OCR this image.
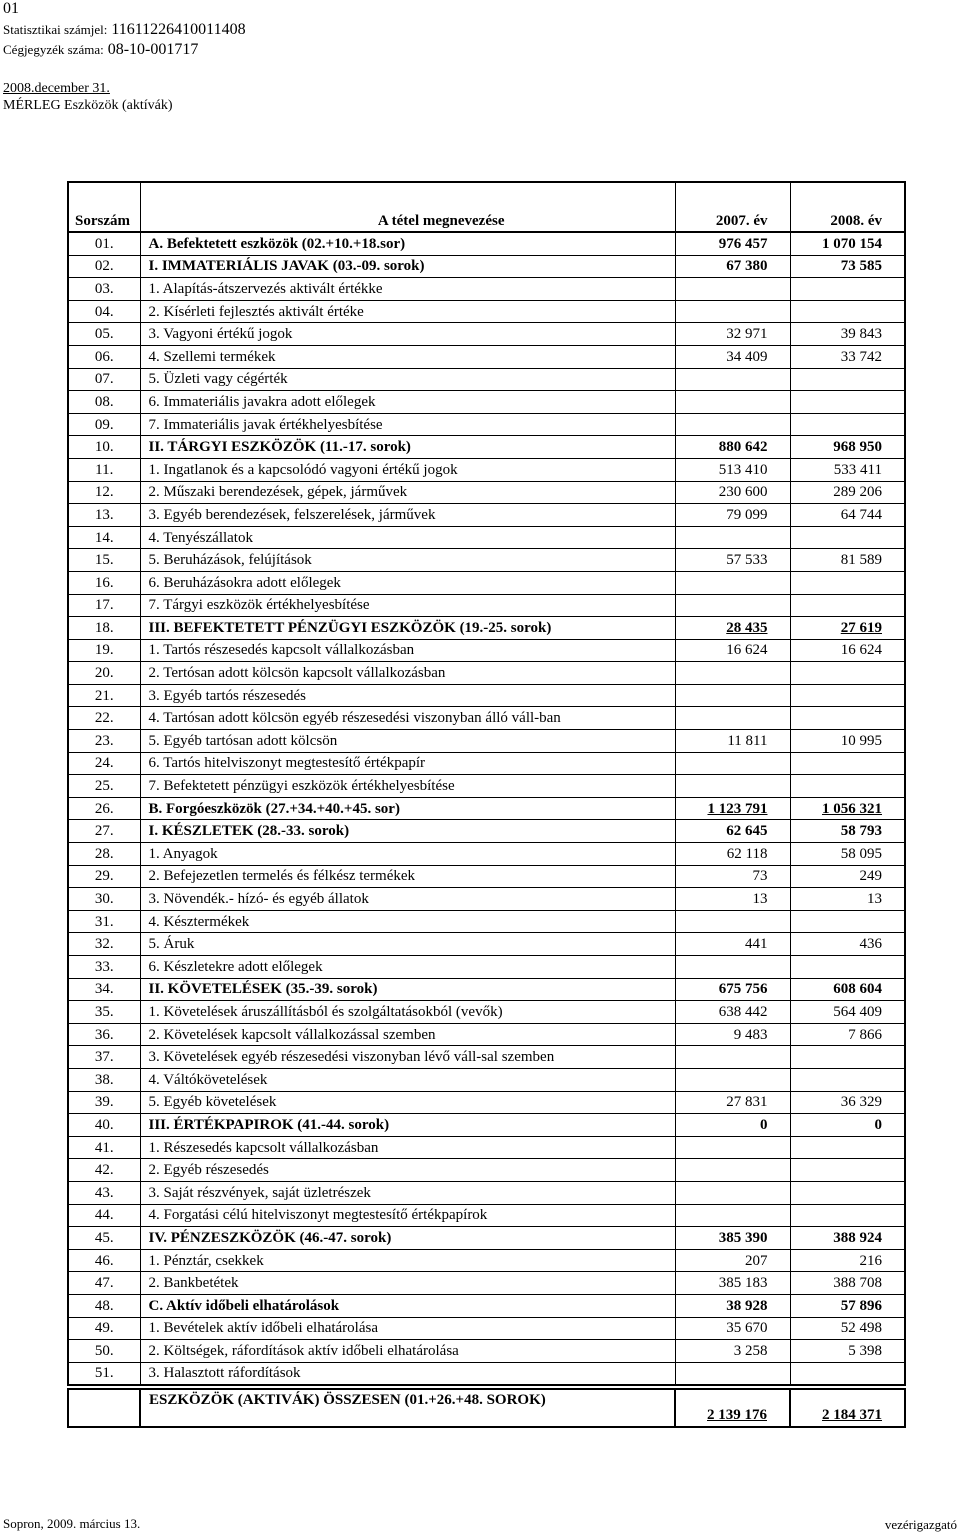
01
Statisztikai számjel: 11611226410011408
Cégjegyzék száma: 08-10-001717
2008.december 31.
MÉRLEG Eszközök (aktívák)
Sorszám	A tétel megnevezése	2007. év	2008. év
01.	A. Befektetett eszközök (02.+10.+18.sor)	976 457	1 070 154
02.	I. IMMATERIÁLIS JAVAK (03.-09. sorok)	67 380	73 585
03.	1. Alapítás-átszervezés aktivált értékke		
04.	2. Kísérleti fejlesztés aktivált értéke		
05.	3. Vagyoni értékű jogok	32 971	39 843
06.	4. Szellemi termékek	34 409	33 742
07.	5. Üzleti vagy cégérték		
08.	6. Immateriális javakra adott előlegek		
09.	7. Immateriális javak értékhelyesbítése		
10.	II. TÁRGYI ESZKÖZÖK (11.-17. sorok)	880 642	968 950
11.	1. Ingatlanok és a kapcsolódó vagyoni értékű jogok	513 410	533 411
12.	2. Műszaki berendezések, gépek, járművek	230 600	289 206
13.	3. Egyéb berendezések, felszerelések, járművek	79 099	64 744
14.	4. Tenyészállatok		
15.	5. Beruházások, felújítások	57 533	81 589
16.	6. Beruházásokra adott előlegek		
17.	7. Tárgyi eszközök értékhelyesbítése		
18.	III. BEFEKTETETT PÉNZÜGYI ESZKÖZÖK (19.-25. sorok)	28 435	27 619
19.	1. Tartós részesedés kapcsolt vállalkozásban	16 624	16 624
20.	2. Tertósan adott kölcsön kapcsolt vállalkozásban		
21.	3. Egyéb tartós részesedés		
22.	4. Tartósan adott kölcsön egyéb részesedési viszonyban álló váll-ban		
23.	5. Egyéb tartósan adott kölcsön	11 811	10 995
24.	6. Tartós hitelviszonyt megtestesítő értékpapír		
25.	7. Befektetett pénzügyi eszközök értékhelyesbítése		
26.	B. Forgóeszközök (27.+34.+40.+45. sor)	1 123 791	1 056 321
27.	I. KÉSZLETEK (28.-33. sorok)	62 645	58 793
28.	1. Anyagok	62 118	58 095
29.	2. Befejezetlen termelés és félkész termékek	73	249
30.	3. Növendék.- hízó- és egyéb állatok	13	13
31.	4. Késztermékek		
32.	5. Áruk	441	436
33.	6. Készletekre adott előlegek		
34.	II. KÖVETELÉSEK (35.-39. sorok)	675 756	608 604
35.	1. Követelések áruszállításból és szolgáltatásokból (vevők)	638 442	564 409
36.	2. Követelések kapcsolt vállalkozással szemben	9 483	7 866
37.	3. Követelések egyéb részesedési viszonyban lévő váll-sal szemben		
38.	4. Váltókövetelések		
39.	5. Egyéb követelések	27 831	36 329
40.	III. ÉRTÉKPAPIROK (41.-44. sorok)	0	0
41.	1. Részesedés kapcsolt vállalkozásban		
42.	2. Egyéb részesedés		
43.	3. Saját részvények, saját üzletrészek		
44.	4. Forgatási célú hitelviszonyt megtestesítő értékpapírok		
45.	IV. PÉNZESZKÖZÖK (46.-47. sorok)	385 390	388 924
46.	1. Pénztár, csekkek	207	216
47.	2. Bankbetétek	385 183	388 708
48.	C. Aktív időbeli elhatárolások	38 928	57 896
49.	1. Bevételek aktív időbeli elhatárolása	35 670	52 498
50.	2. Költségek, ráfordítások aktív időbeli elhatárolása	3 258	5 398
51.	3. Halasztott ráfordítások		
	ESZKÖZÖK (AKTIVÁK) ÖSSZESEN (01.+26.+48. SOROK)	2 139 176	2 184 371
Sopron, 2009. március 13.	vezérigazgató
